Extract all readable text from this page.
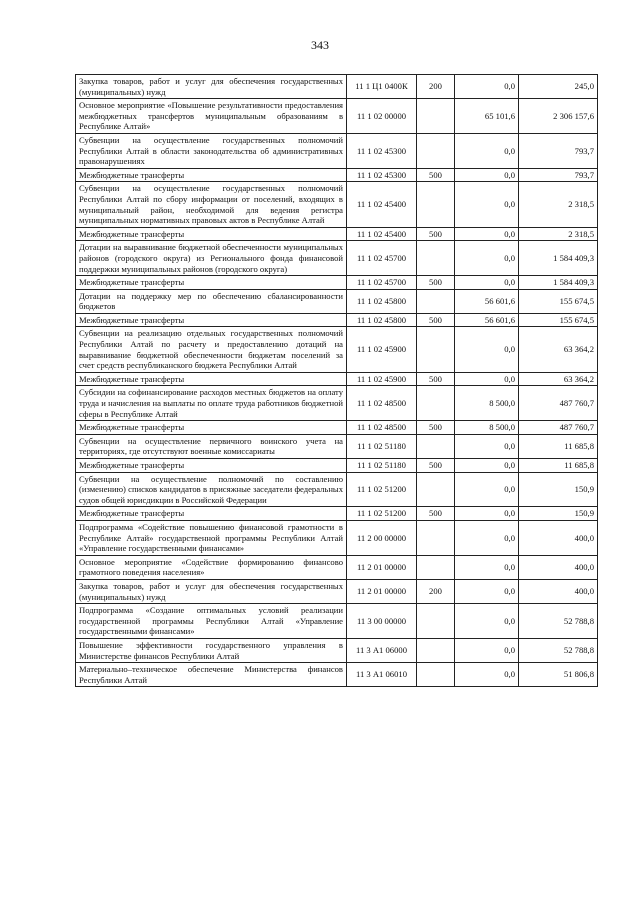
343
Закупка товаров, работ и услуг для обеспечения государственных (муниципальных) нужд	11 1 Ц1 0400К	200	0,0	245,0
Основное мероприятие «Повышение результативности предоставления межбюджетных трансфертов муниципальным образованиям в Республике Алтай»	11 1 02 00000		65 101,6	2 306 157,6
Субвенции на осуществление государственных полномочий Республики Алтай в области законодательства об административных правонарушениях	11 1 02 45300		0,0	793,7
Межбюджетные трансферты	11 1 02 45300	500	0,0	793,7
Субвенции на осуществление государственных полномочий Республики Алтай по сбору информации от поселений, входящих в муниципальный район, необходимой для ведения регистра муниципальных нормативных правовых актов в Республике Алтай	11 1 02 45400		0,0	2 318,5
Межбюджетные трансферты	11 1 02 45400	500	0,0	2 318,5
Дотации на выравнивание бюджетной обеспеченности муниципальных районов (городского округа) из Регионального фонда финансовой поддержки муниципальных районов (городского округа)	11 1 02 45700		0,0	1 584 409,3
Межбюджетные трансферты	11 1 02 45700	500	0,0	1 584 409,3
Дотации на поддержку мер по обеспечению сбалансированности бюджетов	11 1 02 45800		56 601,6	155 674,5
Межбюджетные трансферты	11 1 02 45800	500	56 601,6	155 674,5
Субвенции на реализацию отдельных государственных полномочий Республики Алтай по расчету и предоставлению дотаций на выравнивание бюджетной обеспеченности бюджетам поселений за счет средств республиканского бюджета Республики Алтай	11 1 02 45900		0,0	63 364,2
Межбюджетные трансферты	11 1 02 45900	500	0,0	63 364,2
Субсидии на софинансирование расходов местных бюджетов на оплату труда и начисления на выплаты по оплате труда работников бюджетной сферы в Республике Алтай	11 1 02 48500		8 500,0	487 760,7
Межбюджетные трансферты	11 1 02 48500	500	8 500,0	487 760,7
Субвенции на осуществление первичного воинского учета на территориях, где отсутствуют военные комиссариаты	11 1 02 51180		0,0	11 685,8
Межбюджетные трансферты	11 1 02 51180	500	0,0	11 685,8
Субвенции на осуществление полномочий по составлению (изменению) списков кандидатов в присяжные заседатели федеральных судов общей юрисдикции в Российской Федерации	11 1 02 51200		0,0	150,9
Межбюджетные трансферты	11 1 02 51200	500	0,0	150,9
Подпрограмма «Содействие повышению финансовой грамотности в Республике Алтай» государственной программы Республики Алтай «Управление государственными финансами»	11 2 00 00000		0,0	400,0
Основное мероприятие «Содействие формированию финансово грамотного поведения населения»	11 2 01 00000		0,0	400,0
Закупка товаров, работ и услуг для обеспечения государственных (муниципальных) нужд	11 2 01 00000	200	0,0	400,0
Подпрограмма «Создание оптимальных условий реализации государственной программы Республики Алтай «Управление государственными финансами»	11 3 00 00000		0,0	52 788,8
Повышение эффективности государственного управления в Министерстве финансов Республики Алтай	11 3 А1 06000		0,0	52 788,8
Материально–техническое обеспечение Министерства финансов Республики Алтай	11 3 А1 06010		0,0	51 806,8
